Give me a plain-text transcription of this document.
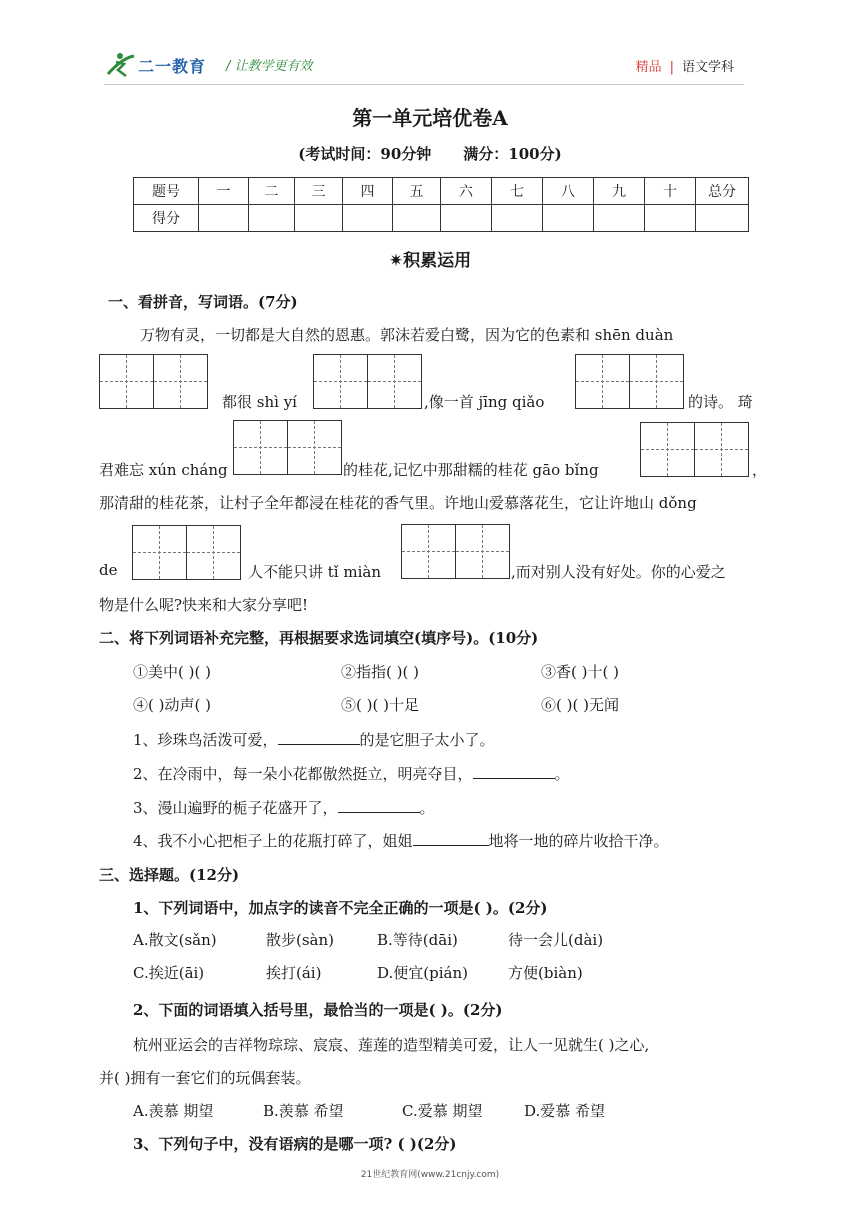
二一教育 / 让教学更有效	精品 | 语文学科
第一单元培优卷A
(考试时间：90分钟 满分：100分)
题号	一	二	三	四	五	六	七	八	九	十	总分
得分											
✷积累运用
一、看拼音，写词语。(7分)
万物有灵，一切都是大自然的恩惠。郭沫若爱白鹭，因为它的色素和 shēn duàn
都很 shì yí	,像一首 jīng qiǎo	的诗。 琦
君难忘 xún cháng	的桂花,记忆中那甜糯的桂花 gāo bǐng	，
那清甜的桂花茶，让村子全年都浸在桂花的香气里。许地山爱慕落花生，它让许地山 dǒng
de	人不能只讲 tǐ miàn	,而对别人没有好处。你的心爱之
物是什么呢?快来和大家分享吧!
二、将下列词语补充完整，再根据要求选词填空(填序号)。(10分)
①美中( )( )	②指指( )( )	③香( )十( )
④( )动声( )	⑤( )( )十足	⑥( )( )无闻
1、珍珠鸟活泼可爱，	的是它胆子太小了。
2、在冷雨中，每一朵小花都傲然挺立，明亮夺目，	。
3、漫山遍野的栀子花盛开了，	。
4、我不小心把柜子上的花瓶打碎了，姐姐	地将一地的碎片收拾干净。
三、选择题。(12分)
1、下列词语中，加点字的读音不完全正确的一项是( )。(2分)
A.散文(sǎn)	散步(sàn)	B.等待(dāi)	待一会儿(dài)
C.挨近(āi)	挨打(ái)	D.便宜(pián)	方便(biàn)
2、下面的词语填入括号里，最恰当的一项是( )。(2分)
杭州亚运会的吉祥物琮琮、宸宸、莲莲的造型精美可爱，让人一见就生( )之心,
并( )拥有一套它们的玩偶套装。
A.羡慕 期望	B.羡慕 希望	C.爱慕 期望	D.爱慕 希望
3、下列句子中，没有语病的是哪一项? ( )(2分)
21世纪教育网(www.21cnjy.com)
